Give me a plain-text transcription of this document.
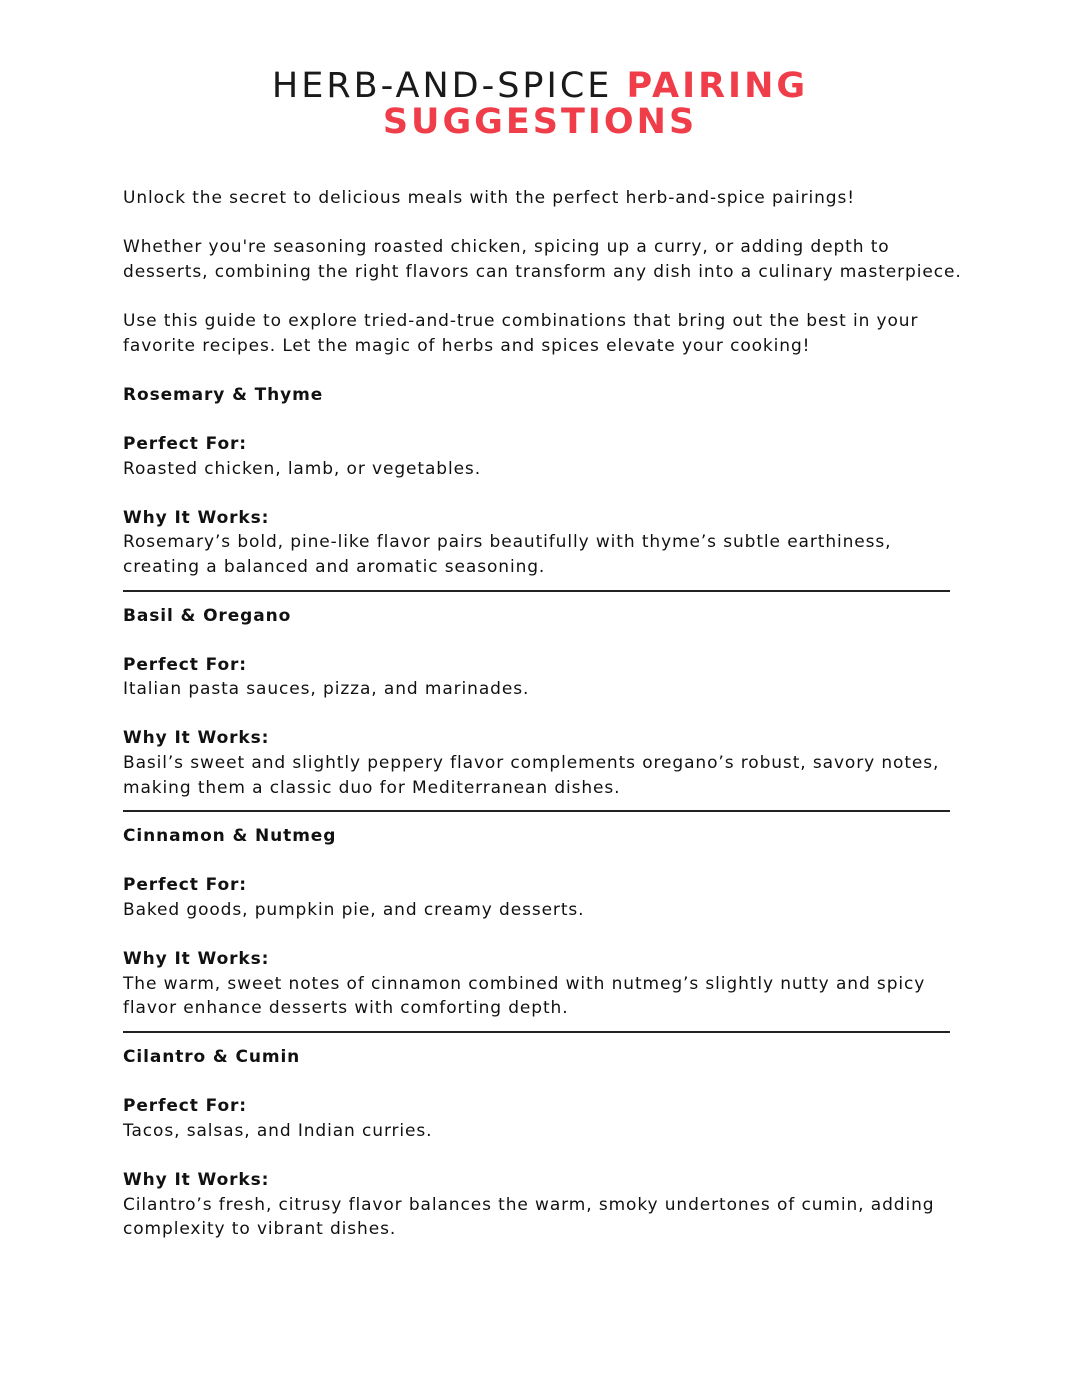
HERB-AND-SPICE PAIRING
SUGGESTIONS

Unlock the secret to delicious meals with the perfect herb-and-spice pairings!

Whether you're seasoning roasted chicken, spicing up a curry, or adding depth to desserts, combining the right flavors can transform any dish into a culinary masterpiece.

Use this guide to explore tried-and-true combinations that bring out the best in your favorite recipes. Let the magic of herbs and spices elevate your cooking!

Rosemary & Thyme

Perfect For:

Roasted chicken, lamb, or vegetables.

Why It Works:

Rosemary’s bold, pine-like flavor pairs beautifully with thyme’s subtle earthiness, creating a balanced and aromatic seasoning.

Basil & Oregano

Perfect For:

Italian pasta sauces, pizza, and marinades.

Why It Works:

Basil’s sweet and slightly peppery flavor complements oregano’s robust, savory notes, making them a classic duo for Mediterranean dishes.

Cinnamon & Nutmeg

Perfect For:

Baked goods, pumpkin pie, and creamy desserts.

Why It Works:

The warm, sweet notes of cinnamon combined with nutmeg’s slightly nutty and spicy flavor enhance desserts with comforting depth.

Cilantro & Cumin

Perfect For:

Tacos, salsas, and Indian curries.

Why It Works:

Cilantro’s fresh, citrusy flavor balances the warm, smoky undertones of cumin, adding complexity to vibrant dishes.
